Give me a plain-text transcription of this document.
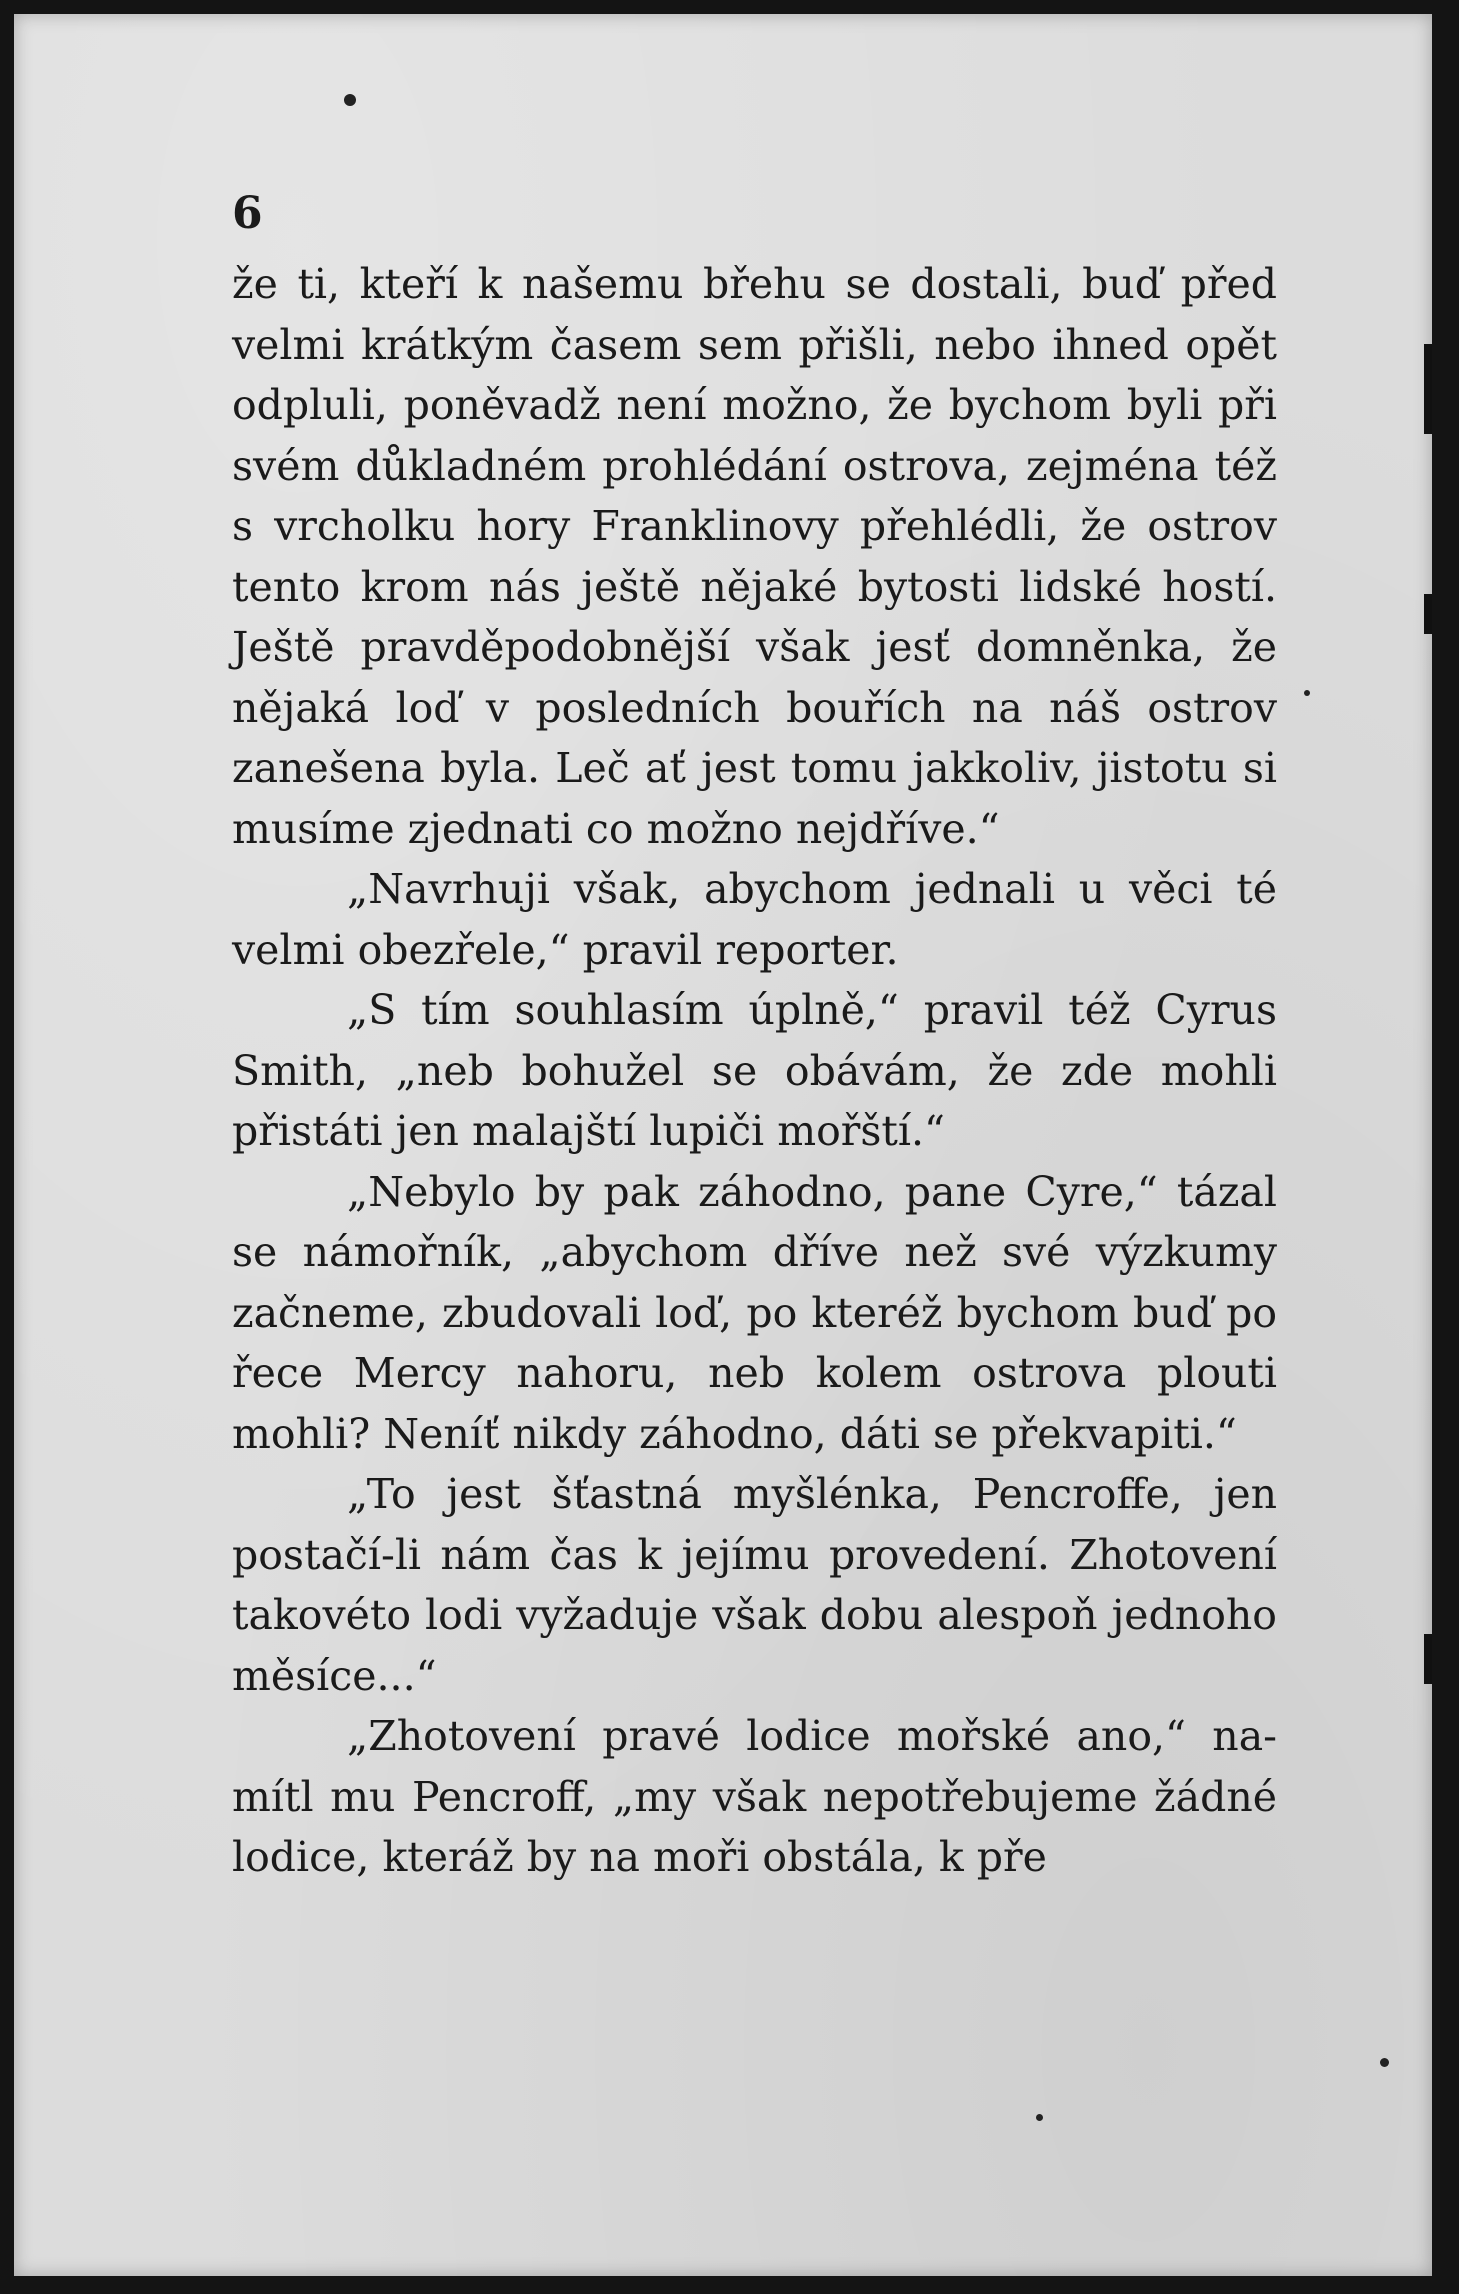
6

že ti, kteří k našemu břehu se dostali, buď před velmi krátkým časem sem přišli, nebo ihned opět odpluli, poněvadž není možno, že bychom byli při svém důkladném prohlédání ostrova, zejména též s vrcholku hory Franklinovy přehlédli, že ostrov tento krom nás ještě nějaké bytosti lidské hostí. Ještě pravděpodobnější však jesť domněnka, že nějaká loď v posledních bouřích na náš ostrov zanešena byla. Leč ať jest tomu jakkoliv, jistotu si musíme zjednati co možno nejdříve.“

„Navrhuji však, abychom jednali u věci té velmi obezřele,“ pravil reporter.

„S tím souhlasím úplně,“ pravil též Cyrus Smith, „neb bohužel se obávám, že zde mohli přistáti jen malajští lupiči mořští.“

„Nebylo by pak záhodno, pane Cyre,“ tázal se námořník, „abychom dříve než své výzkumy začneme, zbudovali loď, po kteréž bychom buď po řece Mercy nahoru, neb kolem ostrova plouti mohli? Neníť nikdy záhodno, dáti se překvapiti.“

„To jest šťastná myšlénka, Pencroffe, jen postačí-li nám čas k jejímu provedení. Zhotovení takovéto lodi vyžaduje však dobu alespoň jednoho měsíce...“

„Zhotovení pravé lodice mořské ano,“ namítl mu Pencroff, „my však nepotřebujeme žádné lodice, kteráž by na moři obstála, k pře
